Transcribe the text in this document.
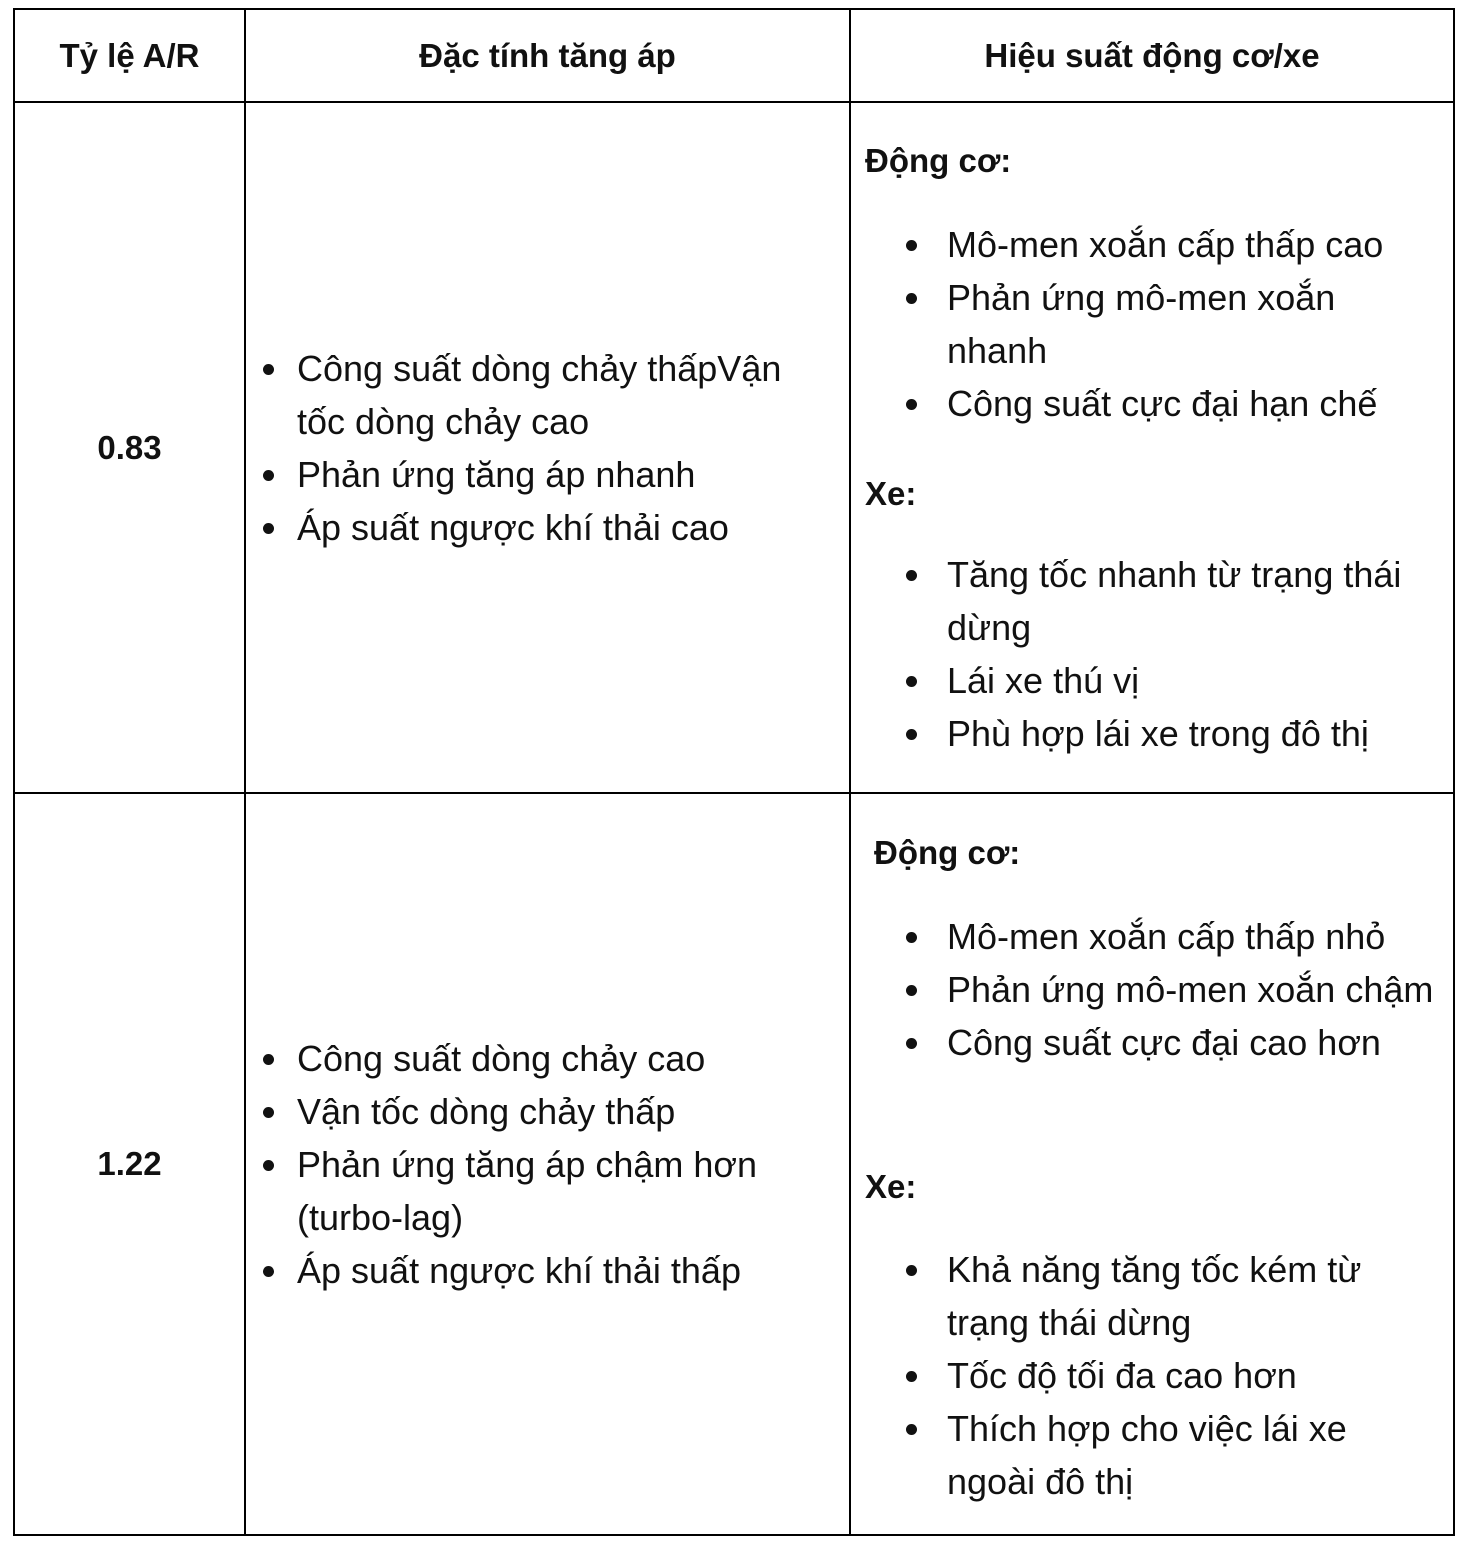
Tỷ lệ A/R	Đặc tính tăng áp	Hiệu suất động cơ/xe
0.83
Công suất dòng chảy thấpVận tốc dòng chảy cao
Phản ứng tăng áp nhanh
Áp suất ngược khí thải cao
Động cơ:
Mô-men xoắn cấp thấp cao
Phản ứng mô-men xoắn nhanh
Công suất cực đại hạn chế
Xe:
Tăng tốc nhanh từ trạng thái dừng
Lái xe thú vị
Phù hợp lái xe trong đô thị
1.22
Công suất dòng chảy cao
Vận tốc dòng chảy thấp
Phản ứng tăng áp chậm hơn (turbo-lag)
Áp suất ngược khí thải thấp
Động cơ:
Mô-men xoắn cấp thấp nhỏ
Phản ứng mô-men xoắn chậm
Công suất cực đại cao hơn
Xe:
Khả năng tăng tốc kém từ trạng thái dừng
Tốc độ tối đa cao hơn
Thích hợp cho việc lái xe ngoài đô thị
